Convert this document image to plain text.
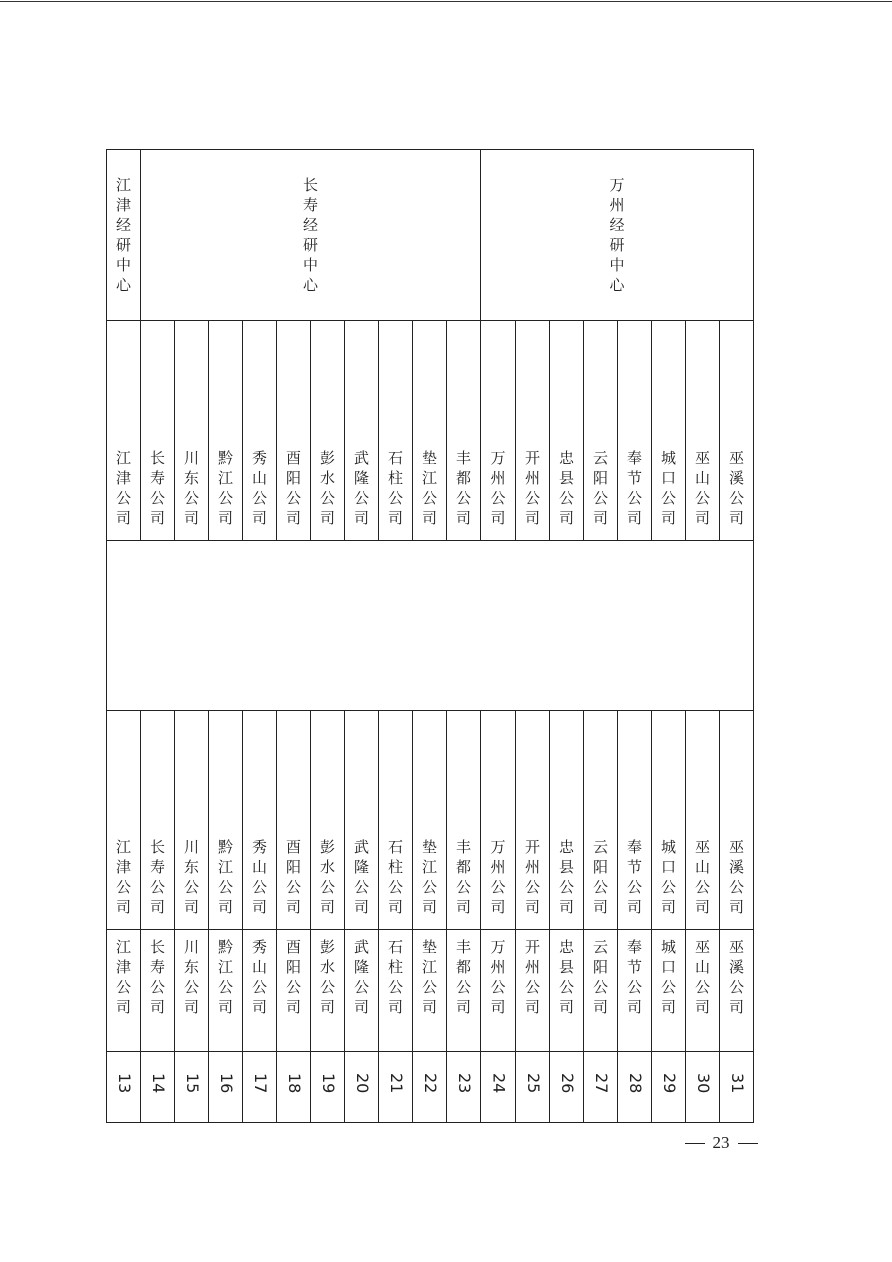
江津经研中心	长寿经研中心	万州经研中心
江津公司
江津公司
江津公司
13
长寿公司
长寿公司
长寿公司
14
川东公司
川东公司
川东公司
15
黔江公司
黔江公司
黔江公司
16
秀山公司
秀山公司
秀山公司
17
酉阳公司
酉阳公司
酉阳公司
18
彭水公司
彭水公司
彭水公司
19
武隆公司
武隆公司
武隆公司
20
石柱公司
石柱公司
石柱公司
21
垫江公司
垫江公司
垫江公司
22
丰都公司
丰都公司
丰都公司
23
万州公司
万州公司
万州公司
24
开州公司
开州公司
开州公司
25
忠县公司
忠县公司
忠县公司
26
云阳公司
云阳公司
云阳公司
27
奉节公司
奉节公司
奉节公司
28
城口公司
城口公司
城口公司
29
巫山公司
巫山公司
巫山公司
30
巫溪公司
巫溪公司
巫溪公司
31
23
